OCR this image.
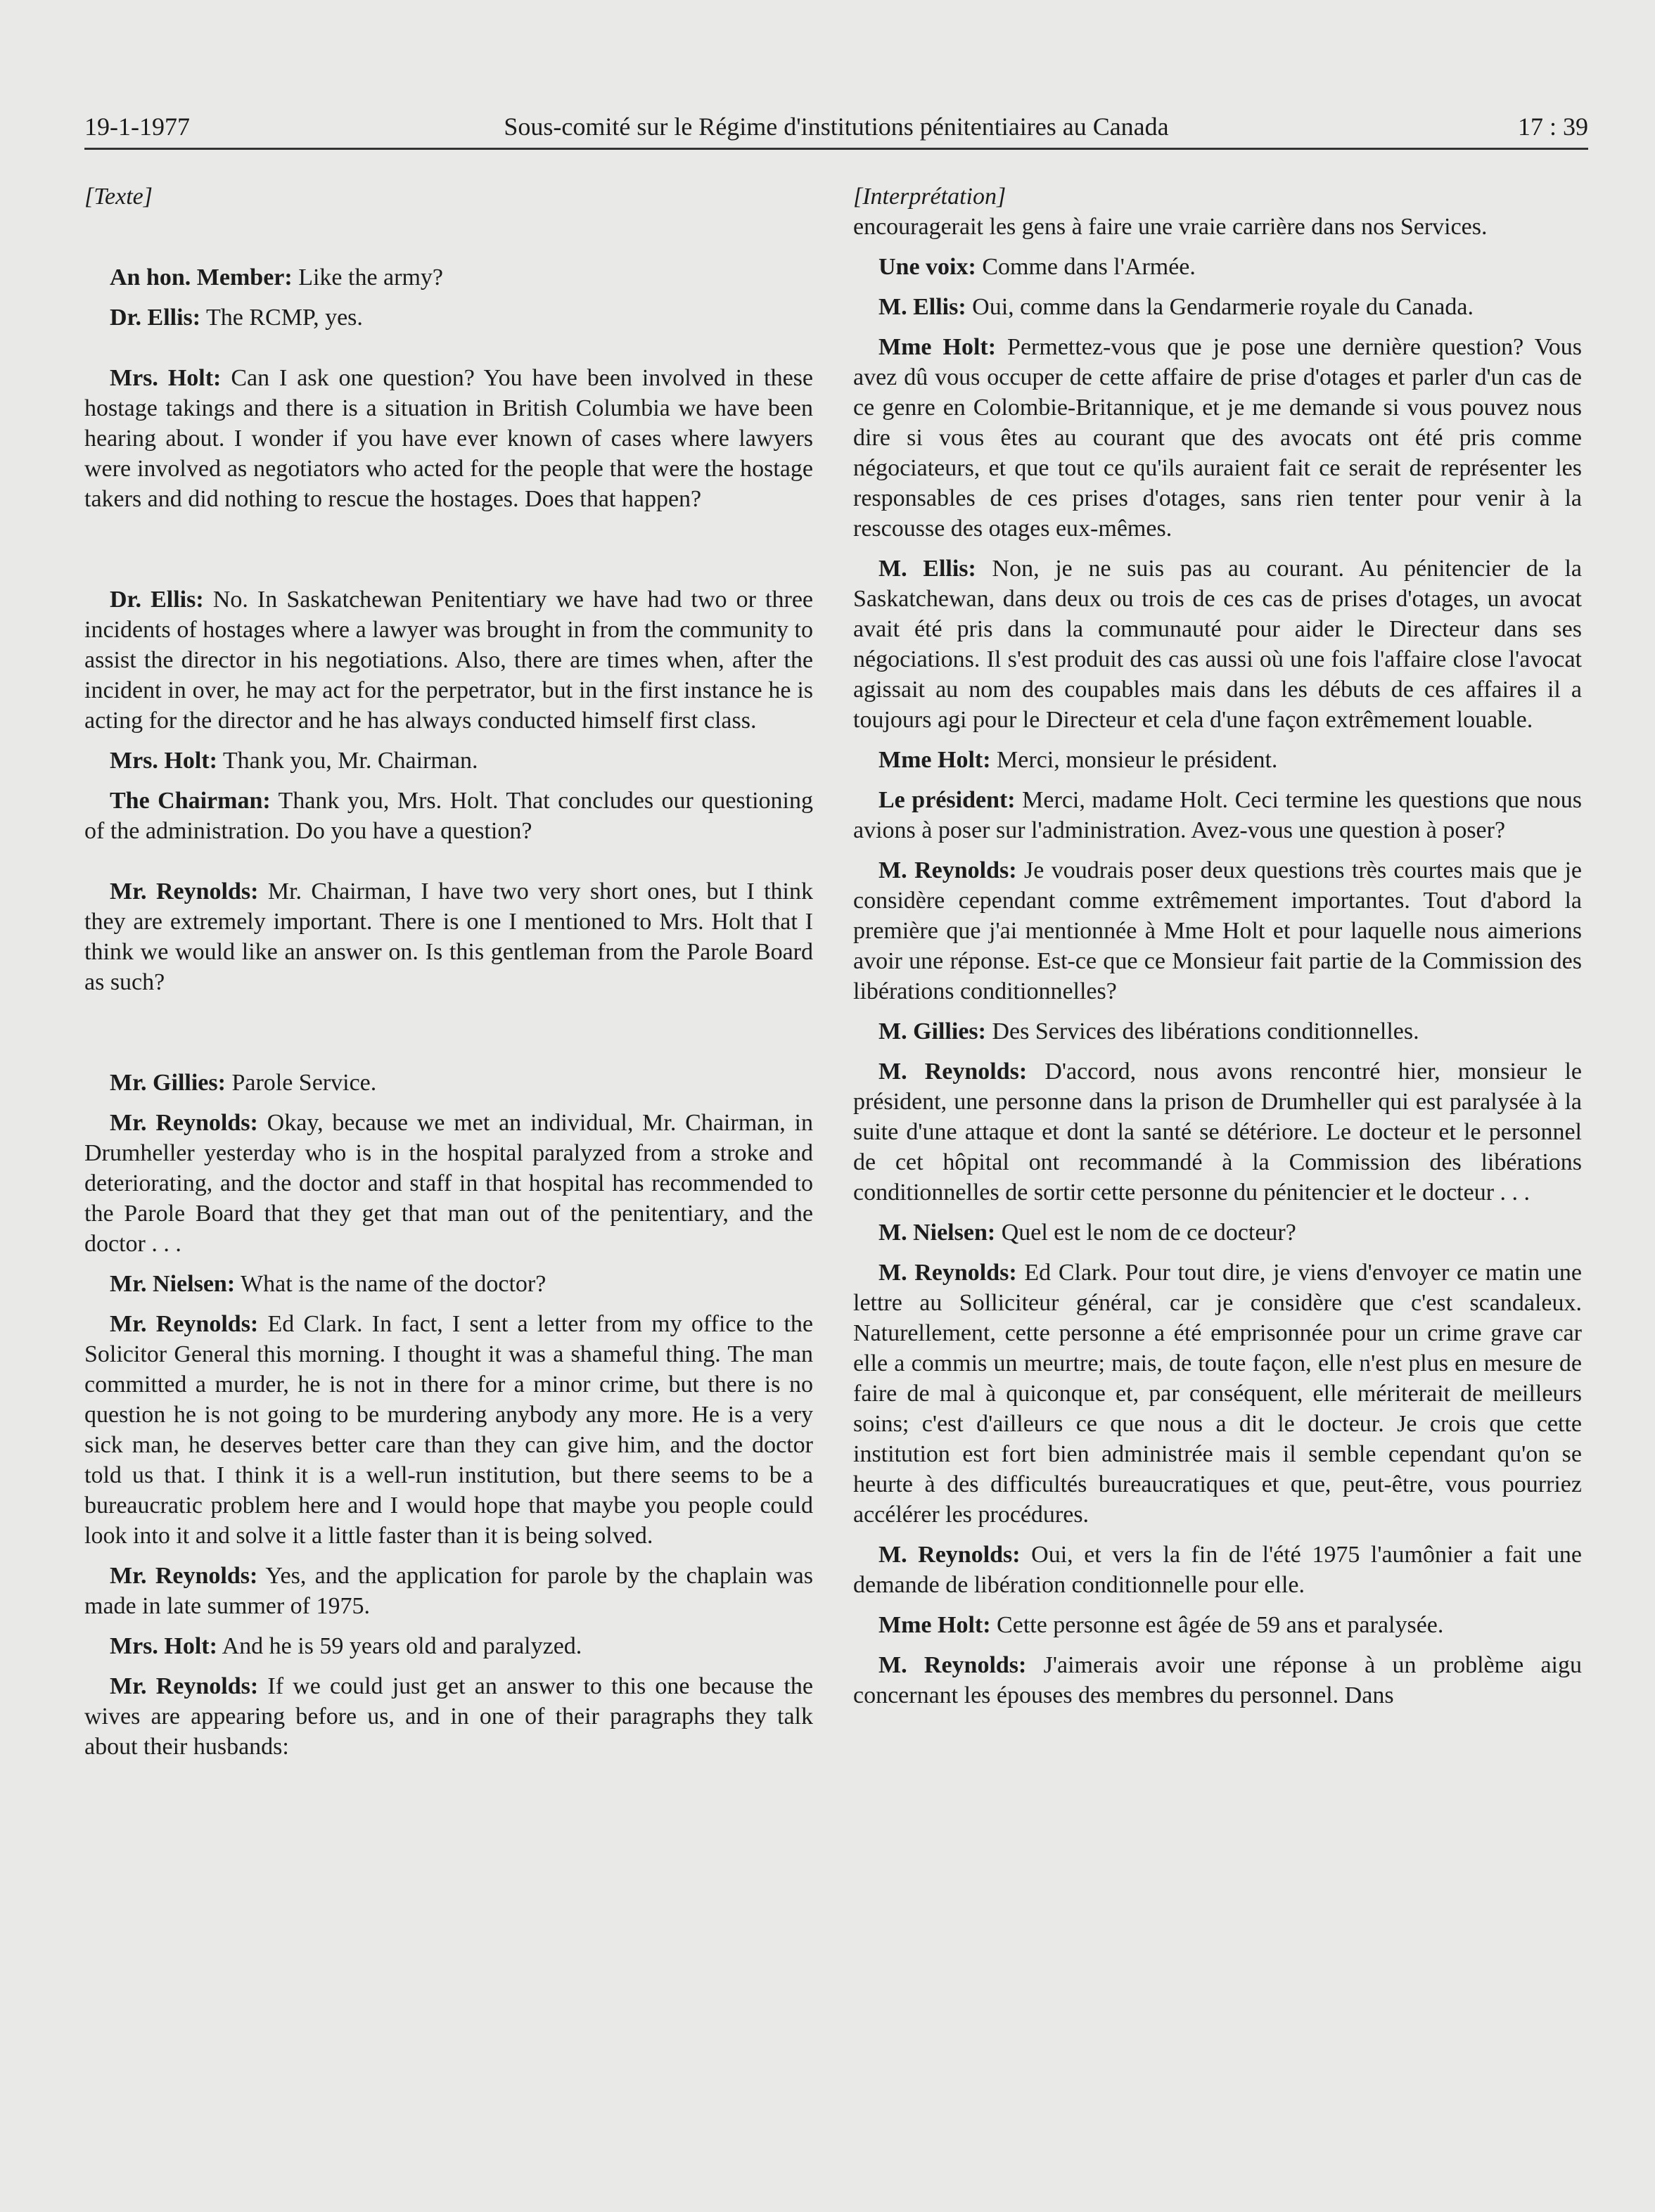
19-1-1977	Sous-comité sur le Régime d'institutions pénitentiaires au Canada	17 : 39
[Texte]

An hon. Member: Like the army?

Dr. Ellis: The RCMP, yes.

Mrs. Holt: Can I ask one question? You have been involved in these hostage takings and there is a situation in British Columbia we have been hearing about. I wonder if you have ever known of cases where lawyers were involved as negotiators who acted for the people that were the hostage takers and did nothing to rescue the hostages. Does that happen?

Dr. Ellis: No. In Saskatchewan Penitentiary we have had two or three incidents of hostages where a lawyer was brought in from the community to assist the director in his negotiations. Also, there are times when, after the incident in over, he may act for the perpetrator, but in the first instance he is acting for the director and he has always conducted himself first class.

Mrs. Holt: Thank you, Mr. Chairman.

The Chairman: Thank you, Mrs. Holt. That concludes our questioning of the administration. Do you have a question?

Mr. Reynolds: Mr. Chairman, I have two very short ones, but I think they are extremely important. There is one I mentioned to Mrs. Holt that I think we would like an answer on. Is this gentleman from the Parole Board as such?

Mr. Gillies: Parole Service.

Mr. Reynolds: Okay, because we met an individual, Mr. Chairman, in Drumheller yesterday who is in the hospital paralyzed from a stroke and deteriorating, and the doctor and staff in that hospital has recommended to the Parole Board that they get that man out of the penitentiary, and the doctor . . .

Mr. Nielsen: What is the name of the doctor?

Mr. Reynolds: Ed Clark. In fact, I sent a letter from my office to the Solicitor General this morning. I thought it was a shameful thing. The man committed a murder, he is not in there for a minor crime, but there is no question he is not going to be murdering anybody any more. He is a very sick man, he deserves better care than they can give him, and the doctor told us that. I think it is a well-run institution, but there seems to be a bureaucratic problem here and I would hope that maybe you people could look into it and solve it a little faster than it is being solved.

Mr. Reynolds: Yes, and the application for parole by the chaplain was made in late summer of 1975.

Mrs. Holt: And he is 59 years old and paralyzed.

Mr. Reynolds: If we could just get an answer to this one because the wives are appearing before us, and in one of their paragraphs they talk about their husbands:

[Interprétation]

encouragerait les gens à faire une vraie carrière dans nos Services.

Une voix: Comme dans l'Armée.

M. Ellis: Oui, comme dans la Gendarmerie royale du Canada.

Mme Holt: Permettez-vous que je pose une dernière question? Vous avez dû vous occuper de cette affaire de prise d'otages et parler d'un cas de ce genre en Colombie-Britannique, et je me demande si vous pouvez nous dire si vous êtes au courant que des avocats ont été pris comme négociateurs, et que tout ce qu'ils auraient fait ce serait de représenter les responsables de ces prises d'otages, sans rien tenter pour venir à la rescousse des otages eux-mêmes.

M. Ellis: Non, je ne suis pas au courant. Au pénitencier de la Saskatchewan, dans deux ou trois de ces cas de prises d'otages, un avocat avait été pris dans la communauté pour aider le Directeur dans ses négociations. Il s'est produit des cas aussi où une fois l'affaire close l'avocat agissait au nom des coupables mais dans les débuts de ces affaires il a toujours agi pour le Directeur et cela d'une façon extrêmement louable.

Mme Holt: Merci, monsieur le président.

Le président: Merci, madame Holt. Ceci termine les questions que nous avions à poser sur l'administration. Avez-vous une question à poser?

M. Reynolds: Je voudrais poser deux questions très courtes mais que je considère cependant comme extrêmement importantes. Tout d'abord la première que j'ai mentionnée à Mme Holt et pour laquelle nous aimerions avoir une réponse. Est-ce que ce Monsieur fait partie de la Commission des libérations conditionnelles?

M. Gillies: Des Services des libérations conditionnelles.

M. Reynolds: D'accord, nous avons rencontré hier, monsieur le président, une personne dans la prison de Drumheller qui est paralysée à la suite d'une attaque et dont la santé se détériore. Le docteur et le personnel de cet hôpital ont recommandé à la Commission des libérations conditionnelles de sortir cette personne du pénitencier et le docteur . . .

M. Nielsen: Quel est le nom de ce docteur?

M. Reynolds: Ed Clark. Pour tout dire, je viens d'envoyer ce matin une lettre au Solliciteur général, car je considère que c'est scandaleux. Naturellement, cette personne a été emprisonnée pour un crime grave car elle a commis un meurtre; mais, de toute façon, elle n'est plus en mesure de faire de mal à quiconque et, par conséquent, elle mériterait de meilleurs soins; c'est d'ailleurs ce que nous a dit le docteur. Je crois que cette institution est fort bien administrée mais il semble cependant qu'on se heurte à des difficultés bureaucratiques et que, peut-être, vous pourriez accélérer les procédures.

M. Reynolds: Oui, et vers la fin de l'été 1975 l'aumônier a fait une demande de libération conditionnelle pour elle.

Mme Holt: Cette personne est âgée de 59 ans et paralysée.

M. Reynolds: J'aimerais avoir une réponse à un problème aigu concernant les épouses des membres du personnel. Dans
